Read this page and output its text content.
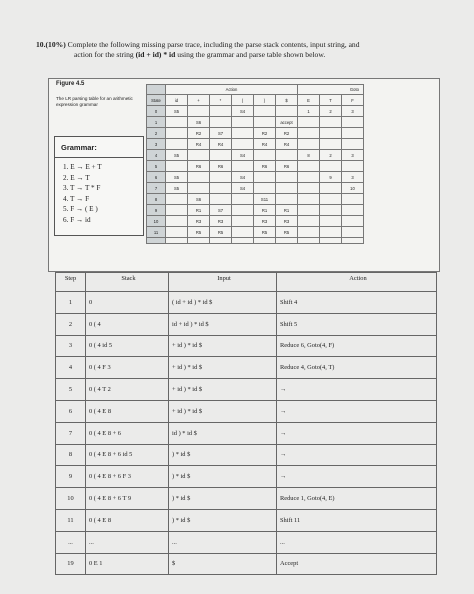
10.(10%) Complete the following missing parse trace, including the parse stack contents, input string, and
action for the string (id + id) * id using the grammar and parse table shown below.
Figure 4.5
The LR parsing table for an arithmetic expression grammar
Grammar:
1. E → E + T
2. E → T
3. T → T * F
4. T → F
5. F → ( E )
6. F → id
	Action						Goto		
State	id	+	*	(	)	$	E	T	F
0	S5			S4			1	2	3
1		S6				accept			
2		R2	S7		R2	R2			
3		R4	R4		R4	R4			
4	S5			S4			8	2	3
5		R6	R6		R6	R6			
6	S5			S4				9	3
7	S5			S4					10
8		S6			S11				
9		R1	S7		R1	R1			
10		R3	R3		R3	R3			
11		R5	R5		R5	R5			

Step	Stack	Input	Action
1	0	( id + id ) * id $	Shift 4
2	0 ( 4	id + id ) * id $	Shift 5
3	0 ( 4 id 5	+ id ) * id $	Reduce 6, Goto(4, F)
4	0 ( 4 F 3	+ id ) * id $	Reduce 4, Goto(4, T)
5	0 ( 4 T 2	+ id ) * id $	→
6	0 ( 4 E 8	+ id ) * id $	→
7	0 ( 4 E 8 + 6	id ) * id $	→
8	0 ( 4 E 8 + 6 id 5	) * id $	→
9	0 ( 4 E 8 + 6 F 3	) * id $	→
10	0 ( 4 E 8 + 6 T 9	) * id $	Reduce 1, Goto(4, E)
11	0 ( 4 E 8	) * id $	Shift 11
...	...	...	...
19	0 E 1	$	Accept
